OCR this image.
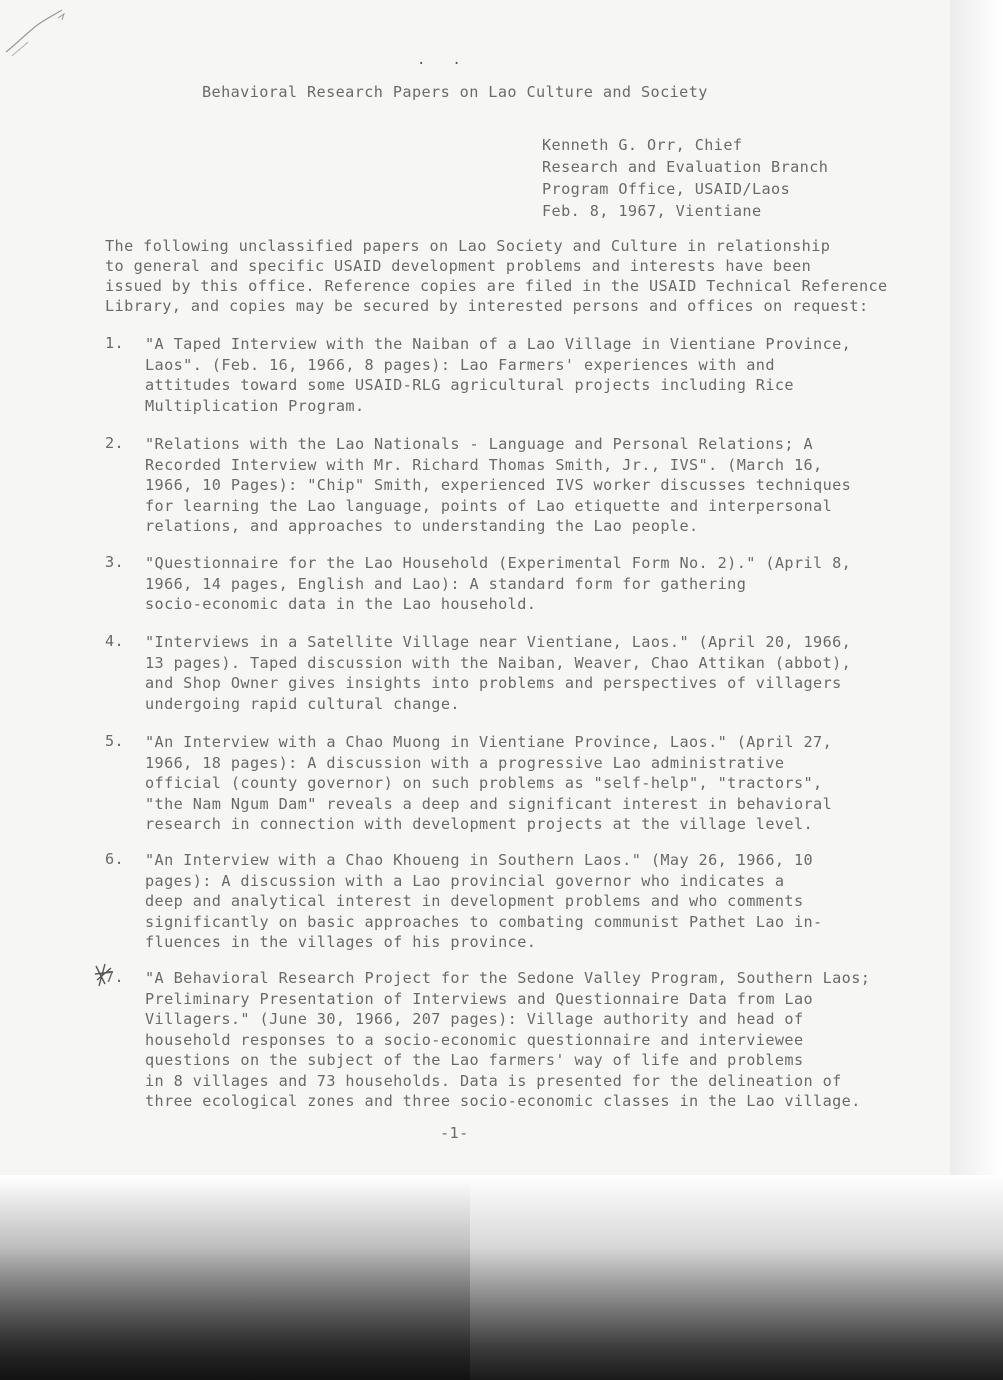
·   ·
Behavioral Research Papers on Lao Culture and Society
Kenneth G. Orr, Chief
Research and Evaluation Branch
Program Office, USAID/Laos
Feb. 8, 1967, Vientiane
The following unclassified papers on Lao Society and Culture in relationship
to general and specific USAID development problems and interests have been
issued by this office. Reference copies are filed in the USAID Technical Reference
Library, and copies may be secured by interested persons and offices on request:
1. "A Taped Interview with the Naiban of a Lao Village in Vientiane Province,
Laos". (Feb. 16, 1966, 8 pages): Lao Farmers' experiences with and
attitudes toward some USAID-RLG agricultural projects including Rice
Multiplication Program.
2. "Relations with the Lao Nationals - Language and Personal Relations; A
Recorded Interview with Mr. Richard Thomas Smith, Jr., IVS". (March 16,
1966, 10 Pages): "Chip" Smith, experienced IVS worker discusses techniques
for learning the Lao language, points of Lao etiquette and interpersonal
relations, and approaches to understanding the Lao people.
3. "Questionnaire for the Lao Household (Experimental Form No. 2)." (April 8,
1966, 14 pages, English and Lao): A standard form for gathering
socio-economic data in the Lao household.
4. "Interviews in a Satellite Village near Vientiane, Laos." (April 20, 1966,
13 pages). Taped discussion with the Naiban, Weaver, Chao Attikan (abbot),
and Shop Owner gives insights into problems and perspectives of villagers
undergoing rapid cultural change.
5. "An Interview with a Chao Muong in Vientiane Province, Laos." (April 27,
1966, 18 pages): A discussion with a progressive Lao administrative
official (county governor) on such problems as "self-help", "tractors",
"the Nam Ngum Dam" reveals a deep and significant interest in behavioral
research in connection with development projects at the village level.
6. "An Interview with a Chao Khoueng in Southern Laos." (May 26, 1966, 10
pages): A discussion with a Lao provincial governor who indicates a
deep and analytical interest in development problems and who comments
significantly on basic approaches to combating communist Pathet Lao in-
fluences in the villages of his province.
7. "A Behavioral Research Project for the Sedone Valley Program, Southern Laos;
Preliminary Presentation of Interviews and Questionnaire Data from Lao
Villagers." (June 30, 1966, 207 pages): Village authority and head of
household responses to a socio-economic questionnaire and interviewee
questions on the subject of the Lao farmers' way of life and problems
in 8 villages and 73 households. Data is presented for the delineation of
three ecological zones and three socio-economic classes in the Lao village.
-1-
